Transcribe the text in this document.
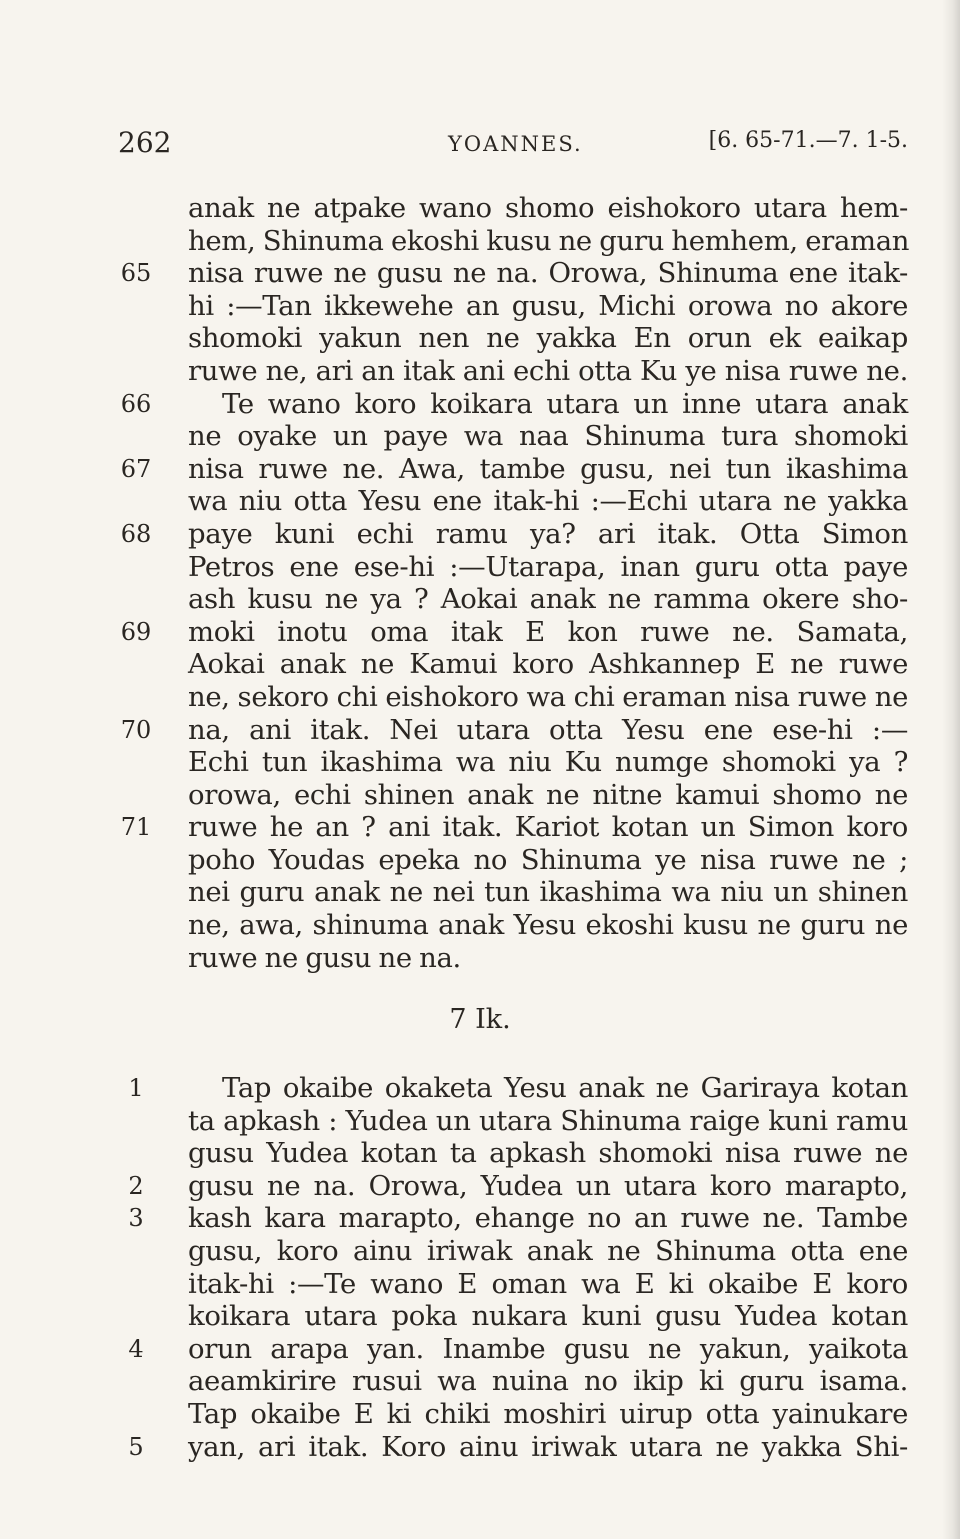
262	YOANNES.	[6. 65-71.—7. 1-5.
anak ne atpake wano shomo eishokoro utara hem-
hem, Shinuma ekoshi kusu ne guru hemhem, eraman
65 nisa ruwe ne gusu ne na. Orowa, Shinuma ene itak-
hi :—Tan ikkewehe an gusu, Michi orowa no akore
shomoki yakun nen ne yakka En orun ek eaikap
ruwe ne, ari an itak ani echi otta Ku ye nisa ruwe ne.
66	Te wano koro koikara utara un inne utara anak
ne oyake un paye wa naa Shinuma tura shomoki
67 nisa ruwe ne. Awa, tambe gusu, nei tun ikashima
wa niu otta Yesu ene itak-hi :—Echi utara ne yakka
68 paye kuni echi ramu ya? ari itak. Otta Simon
Petros ene ese-hi :—Utarapa, inan guru otta paye
ash kusu ne ya ? Aokai anak ne ramma okere sho-
69 moki inotu oma itak E kon ruwe ne. Samata,
Aokai anak ne Kamui koro Ashkannep E ne ruwe
ne, sekoro chi eishokoro wa chi eraman nisa ruwe ne
70 na, ani itak. Nei utara otta Yesu ene ese-hi :—
Echi tun ikashima wa niu Ku numge shomoki ya ?
orowa, echi shinen anak ne nitne kamui shomo ne
71 ruwe he an ? ani itak. Kariot kotan un Simon koro
poho Youdas epeka no Shinuma ye nisa ruwe ne ;
nei guru anak ne nei tun ikashima wa niu un shinen
ne, awa, shinuma anak Yesu ekoshi kusu ne guru ne
ruwe ne gusu ne na.
7 Ik.
1	Tap okaibe okaketa Yesu anak ne Gariraya kotan
ta apkash : Yudea un utara Shinuma raige kuni ramu
gusu Yudea kotan ta apkash shomoki nisa ruwe ne
2	gusu ne na. Orowa, Yudea un utara koro marapto,
3	kash kara marapto, ehange no an ruwe ne. Tambe
gusu, koro ainu iriwak anak ne Shinuma otta ene
itak-hi :—Te wano E oman wa E ki okaibe E koro
koikara utara poka nukara kuni gusu Yudea kotan
4	orun arapa yan. Inambe gusu ne yakun, yaikota
aeamkirire rusui wa nuina no ikip ki guru isama.
Tap okaibe E ki chiki moshiri uirup otta yainukare
5	yan, ari itak. Koro ainu iriwak utara ne yakka Shi-
